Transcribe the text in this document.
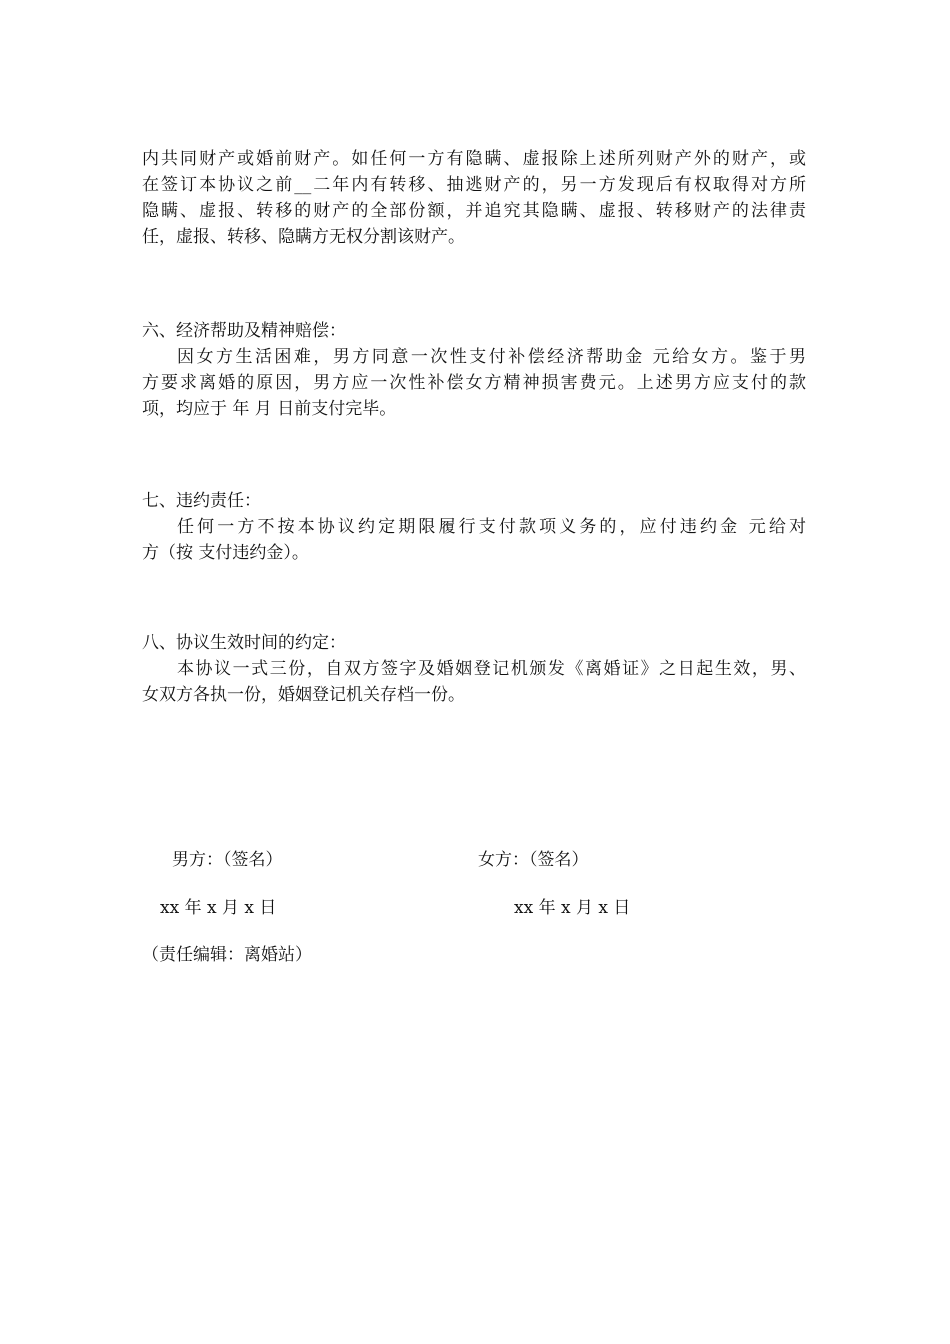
内共同财产或婚前财产。如任何一方有隐瞒、虚报除上述所列财产外的财产，或
在签订本协议之前__二年内有转移、抽逃财产的，另一方发现后有权取得对方所
隐瞒、虚报、转移的财产的全部份额，并追究其隐瞒、虚报、转移财产的法律责
任，虚报、转移、隐瞒方无权分割该财产。
六、经济帮助及精神赔偿：
因女方生活困难，男方同意一次性支付补偿经济帮助金 元给女方。鉴于男
方要求离婚的原因，男方应一次性补偿女方精神损害费元。上述男方应支付的款
项，均应于 年 月 日前支付完毕。
七、违约责任：
任何一方不按本协议约定期限履行支付款项义务的，应付违约金 元给对
方（按 支付违约金）。
八、协议生效时间的约定：
本协议一式三份，自双方签字及婚姻登记机颁发《离婚证》之日起生效，男、
女双方各执一份，婚姻登记机关存档一份。
男方：（签名）	女方：（签名）
xx 年 x 月 x 日	xx 年 x 月 x 日
（责任编辑：离婚站）
